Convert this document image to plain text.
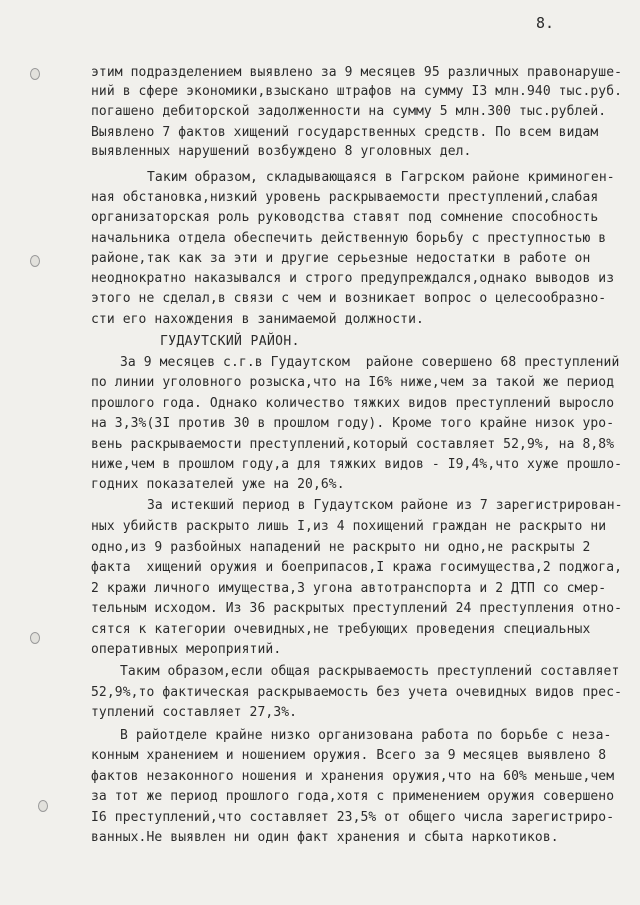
8.
этим подразделением выявлено за 9 месяцев 95 различных правонаруше-
ний в сфере экономики,взыскано штрафов на сумму I3 млн.940 тыс.руб.
погашено дебиторской задолженности на сумму 5 млн.300 тыс.рублей.
Выявлено 7 фактов хищений государственных средств. По всем видам
выявленных нарушений возбуждено 8 уголовных дел.
Таким образом, складывающаяся в Гагрском районе криминоген-
ная обстановка,низкий уровень раскрываемости преступлений,слабая
организаторская роль руководства ставят под сомнение способность
начальника отдела обеспечить действенную борьбу с преступностью в
районе,так как за эти и другие серьезные недостатки в работе он
неоднократно наказывался и строго предупреждался,однако выводов из
этого не сделал,в связи с чем и возникает вопрос о целесообразно-
сти его нахождения в занимаемой должности.
ГУДАУТСКИЙ РАЙОН.
За 9 месяцев с.г.в Гудаутском  районе совершено 68 преступлений
по линии уголовного розыска,что на I6% ниже,чем за такой же период
прошлого года. Однако количество тяжких видов преступлений выросло
на 3,3%(3I против 30 в прошлом году). Кроме того крайне низок уро-
вень раскрываемости преступлений,который составляет 52,9%, на 8,8%
ниже,чем в прошлом году,а для тяжких видов - I9,4%,что хуже прошло-
годних показателей уже на 20,6%.
За истекший период в Гудаутском районе из 7 зарегистрирован-
ных убийств раскрыто лишь I,из 4 похищений граждан не раскрыто ни
одно,из 9 разбойных нападений не раскрыто ни одно,не раскрыты 2
факта  хищений оружия и боеприпасов,I кража госимущества,2 поджога,
2 кражи личного имущества,3 угона автотранспорта и 2 ДТП со смер-
тельным исходом. Из 36 раскрытых преступлений 24 преступления отно-
сятся к категории очевидных,не требующих проведения специальных
оперативных мероприятий.
Таким образом,если общая раскрываемость преступлений составляет
52,9%,то фактическая раскрываемость без учета очевидных видов прес-
туплений составляет 27,3%.
В райотделе крайне низко организована работа по борьбе с неза-
конным хранением и ношением оружия. Всего за 9 месяцев выявлено 8
фактов незаконного ношения и хранения оружия,что на 60% меньше,чем
за тот же период прошлого года,хотя с применением оружия совершено
I6 преступлений,что составляет 23,5% от общего числа зарегистриро-
ванных.Не выявлен ни один факт хранения и сбыта наркотиков.
